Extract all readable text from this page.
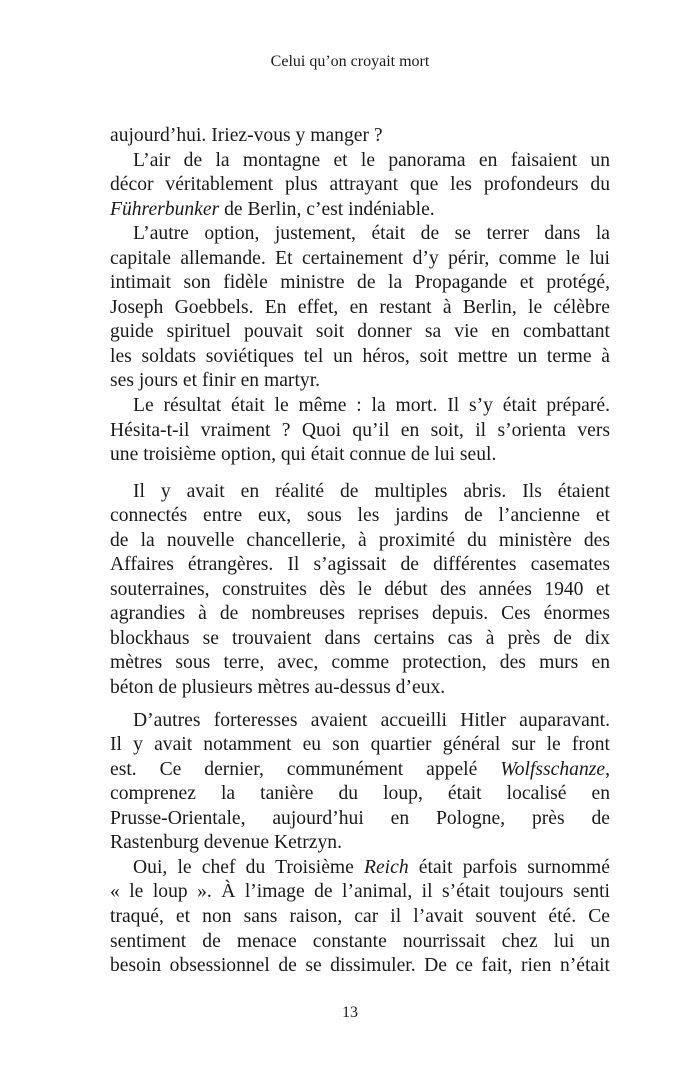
Celui qu’on croyait mort

aujourd’hui. Iriez-vous y manger ?

L’air de la montagne et le panorama en faisaient un
décor véritablement plus attrayant que les profondeurs du
Führerbunker de Berlin, c’est indéniable.

L’autre option, justement, était de se terrer dans la
capitale allemande. Et certainement d’y périr, comme le lui
intimait son fidèle ministre de la Propagande et protégé,
Joseph Goebbels. En effet, en restant à Berlin, le célèbre
guide spirituel pouvait soit donner sa vie en combattant
les soldats soviétiques tel un héros, soit mettre un terme à
ses jours et finir en martyr.

Le résultat était le même : la mort. Il s’y était préparé.
Hésita-t-il vraiment ? Quoi qu’il en soit, il s’orienta vers
une troisième option, qui était connue de lui seul.

Il y avait en réalité de multiples abris. Ils étaient
connectés entre eux, sous les jardins de l’ancienne et
de la nouvelle chancellerie, à proximité du ministère des
Affaires étrangères. Il s’agissait de différentes casemates
souterraines, construites dès le début des années 1940 et
agrandies à de nombreuses reprises depuis. Ces énormes
blockhaus se trouvaient dans certains cas à près de dix
mètres sous terre, avec, comme protection, des murs en
béton de plusieurs mètres au-dessus d’eux.

D’autres forteresses avaient accueilli Hitler auparavant.
Il y avait notamment eu son quartier général sur le front
est. Ce dernier, communément appelé Wolfsschanze,
comprenez la tanière du loup, était localisé en
Prusse-Orientale, aujourd’hui en Pologne, près de
Rastenburg devenue Ketrzyn.

Oui, le chef du Troisième Reich était parfois surnommé
« le loup ». À l’image de l’animal, il s’était toujours senti
traqué, et non sans raison, car il l’avait souvent été. Ce
sentiment de menace constante nourrissait chez lui un
besoin obsessionnel de se dissimuler. De ce fait, rien n’était

13
